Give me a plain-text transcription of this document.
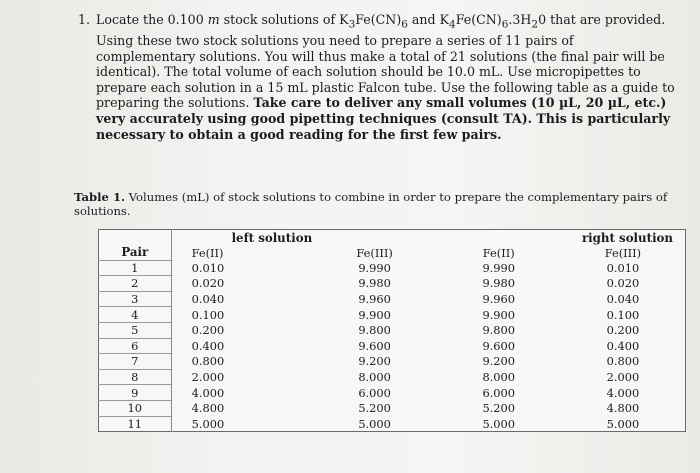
1. Locate the 0.100 m stock solutions of $K_3Fe(CN)_6$ and $K_4Fe(CN)_6.3H_20$ that are provided. Using these two stock solutions you need to prepare a series of 11 pairs of complementary solutions. You will thus make a total of 21 solutions (the final pair will be identical). The total volume of each solution should be 10.0 mL. Use micropipettes to prepare each solution in a 15 mL plastic Falcon tube. Use the following table as a guide to preparing the solutions. Take care to deliver any small volumes (10 µL, 20 µL, etc.) very accurately using good pipetting techniques (consult TA). This is particularly necessary to obtain a good reading for the first few pairs.
Table 1. Volumes (mL) of stock solutions to combine in order to prepare the complementary pairs of solutions.
	left solution		right solution	
Pair	Fe(II)	Fe(III)	Fe(II)	Fe(III)
1	0.010	9.990	9.990	0.010
2	0.020	9.980	9.980	0.020
3	0.040	9.960	9.960	0.040
4	0.100	9.900	9.900	0.100
5	0.200	9.800	9.800	0.200
6	0.400	9.600	9.600	0.400
7	0.800	9.200	9.200	0.800
8	2.000	8.000	8.000	2.000
9	4.000	6.000	6.000	4.000
10	4.800	5.200	5.200	4.800
11	5.000	5.000	5.000	5.000
